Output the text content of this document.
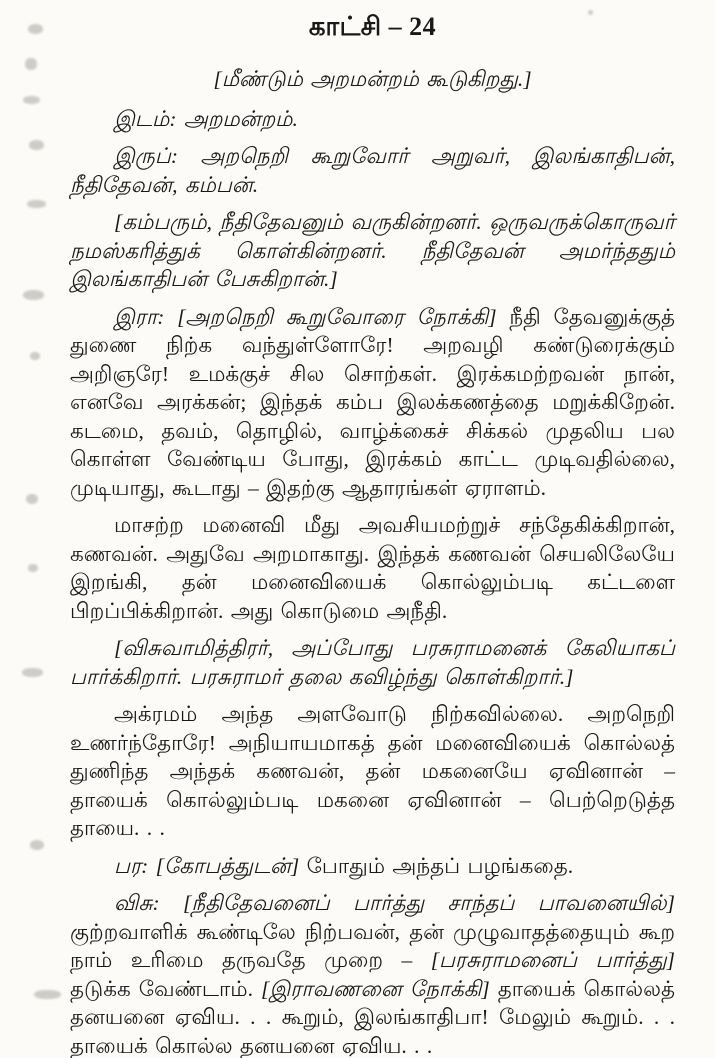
காட்சி – 24

[மீண்டும் அறமன்றம் கூடுகிறது.]

இடம்: அறமன்றம்.

இருப்: அறநெறி கூறுவோர் அறுவர், இலங்காதிபன், நீதிதேவன், கம்பன்.

[கம்பரும், நீதிதேவனும் வருகின்றனர். ஒருவருக்கொருவர் நமஸ்கரித்துக் கொள்கின்றனர். நீதிதேவன் அமர்ந்ததும் இலங்காதிபன் பேசுகிறான்.]

இரா: [அறநெறி கூறுவோரை நோக்கி] நீதி தேவனுக்குத் துணை நிற்க வந்துள்ளோரே! அறவழி கண்டுரைக்கும் அறிஞரே! உமக்குச் சில சொற்கள். இரக்கமற்றவன் நான், எனவே அரக்கன்; இந்தக் கம்ப இலக்கணத்தை மறுக்கிறேன். கடமை, தவம், தொழில், வாழ்க்கைச் சிக்கல் முதலிய பல கொள்ள வேண்டிய போது, இரக்கம் காட்ட முடிவதில்லை, முடியாது, கூடாது – இதற்கு ஆதாரங்கள் ஏராளம்.

மாசற்ற மனைவி மீது அவசியமற்றுச் சந்தேகிக்கிறான், கணவன். அதுவே அறமாகாது. இந்தக் கணவன் செயலிலேயே இறங்கி, தன் மனைவியைக் கொல்லும்படி கட்டளை பிறப்பிக்கிறான். அது கொடுமை அநீதி.

[விசுவாமித்திரர், அப்போது பரசுராமனைக் கேலியாகப் பார்க்கிறார். பரசுராமர் தலை கவிழ்ந்து கொள்கிறார்.]

அக்ரமம் அந்த அளவோடு நிற்கவில்லை. அறநெறி உணர்ந்தோரே! அநியாயமாகத் தன் மனைவியைக் கொல்லத் துணிந்த அந்தக் கணவன், தன் மகனையே ஏவினான் – தாயைக் கொல்லும்படி மகனை ஏவினான் – பெற்றெடுத்த தாயை. . .

பர: [கோபத்துடன்] போதும் அந்தப் பழங்கதை.

விசு: [நீதிதேவனைப் பார்த்து சாந்தப் பாவனையில்] குற்றவாளிக் கூண்டிலே நிற்பவன், தன் முழுவாதத்தையும் கூற நாம் உரிமை தருவதே முறை – [பரசுராமனைப் பார்த்து] தடுக்க வேண்டாம். [இராவணனை நோக்கி] தாயைக் கொல்லத் தனயனை ஏவிய. . . கூறும், இலங்காதிபா! மேலும் கூறும். . . தாயைக் கொல்ல தனயனை ஏவிய. . .
